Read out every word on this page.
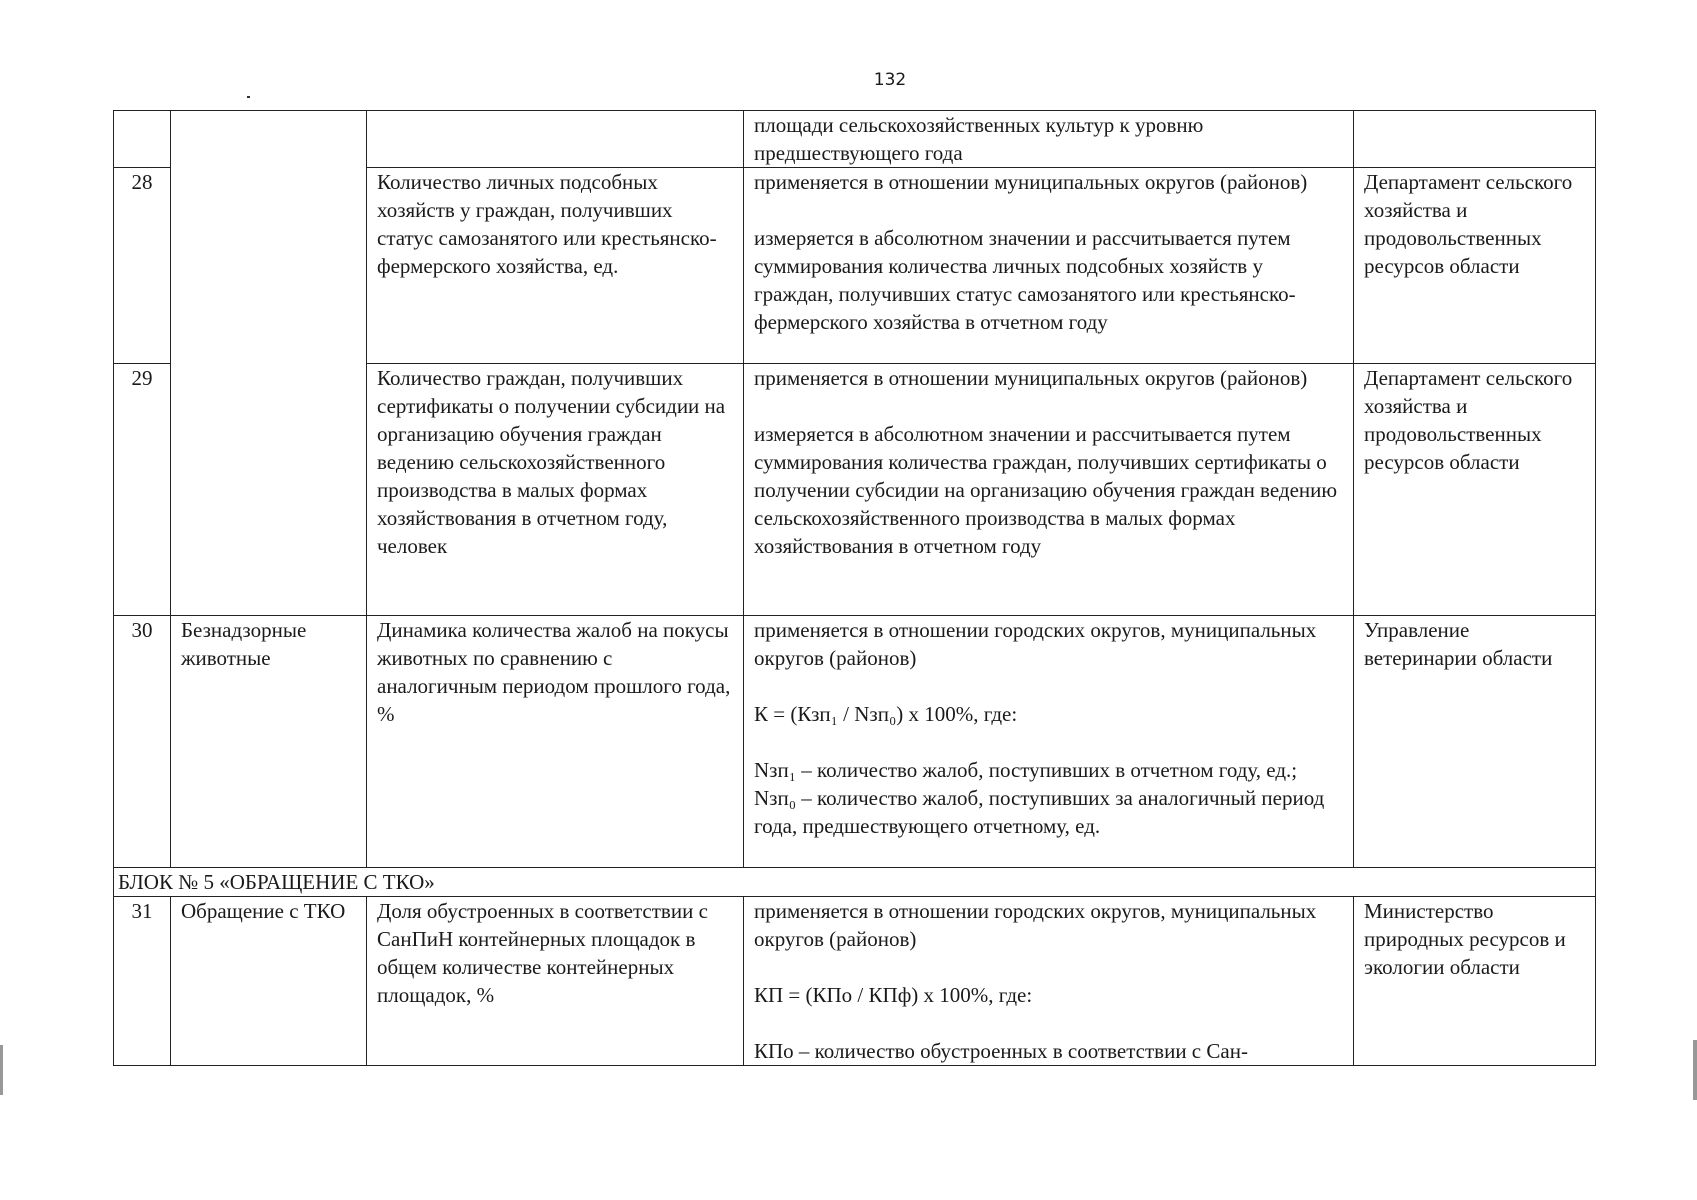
132

			площади сельскохозяйственных культур к уровню предшествующего года	

28		Количество личных подсобных хозяйств у граждан, получивших статус самозанятого или крестьянско-фермерского хозяйства, ед.	применяется в отношении муниципальных округов (районов)
измеряется в абсолютном значении и рассчитывается путем суммирования количества личных подсобных хозяйств у граждан, получивших статус самозанятого или крестьянско-фермерского хозяйства в отчетном году	Департамент сельского хозяйства и продовольственных ресурсов области
29		Количество граждан, получивших сертификаты о получении субсидии на организацию обучения граждан ведению сельскохозяйственного производства в малых формах хозяйствования в отчетном году, человек	применяется в отношении муниципальных округов (районов)
измеряется в абсолютном значении и рассчитывается путем суммирования количества граждан, получивших сертификаты о получении субсидии на организацию обучения граждан ведению сельскохозяйственного производства в малых формах хозяйствования в отчетном году	Департамент сельского хозяйства и продовольственных ресурсов области
30	Безнадзорные животные	Динамика количества жалоб на покусы животных по сравнению с аналогичным периодом прошлого года, %	применяется в отношении городских округов, муниципальных округов (районов)
К = (Кзп₁ / Nзп₀) х 100%, где:
Nзп₁ – количество жалоб, поступивших в отчетном году, ед.;
Nзп₀ – количество жалоб, поступивших за аналогичный период года, предшествующего отчетному, ед.	Управление ветеринарии области
БЛОК № 5 «ОБРАЩЕНИЕ С ТКО»				
31	Обращение с ТКО	Доля обустроенных в соответствии с СанПиН контейнерных площадок в общем количестве контейнерных площадок, %	применяется в отношении городских округов, муниципальных округов (районов)
КП = (КПо / КПф) х 100%, где:
КПо – количество обустроенных в соответствии с Сан-	Министерство природных ресурсов и экологии области
